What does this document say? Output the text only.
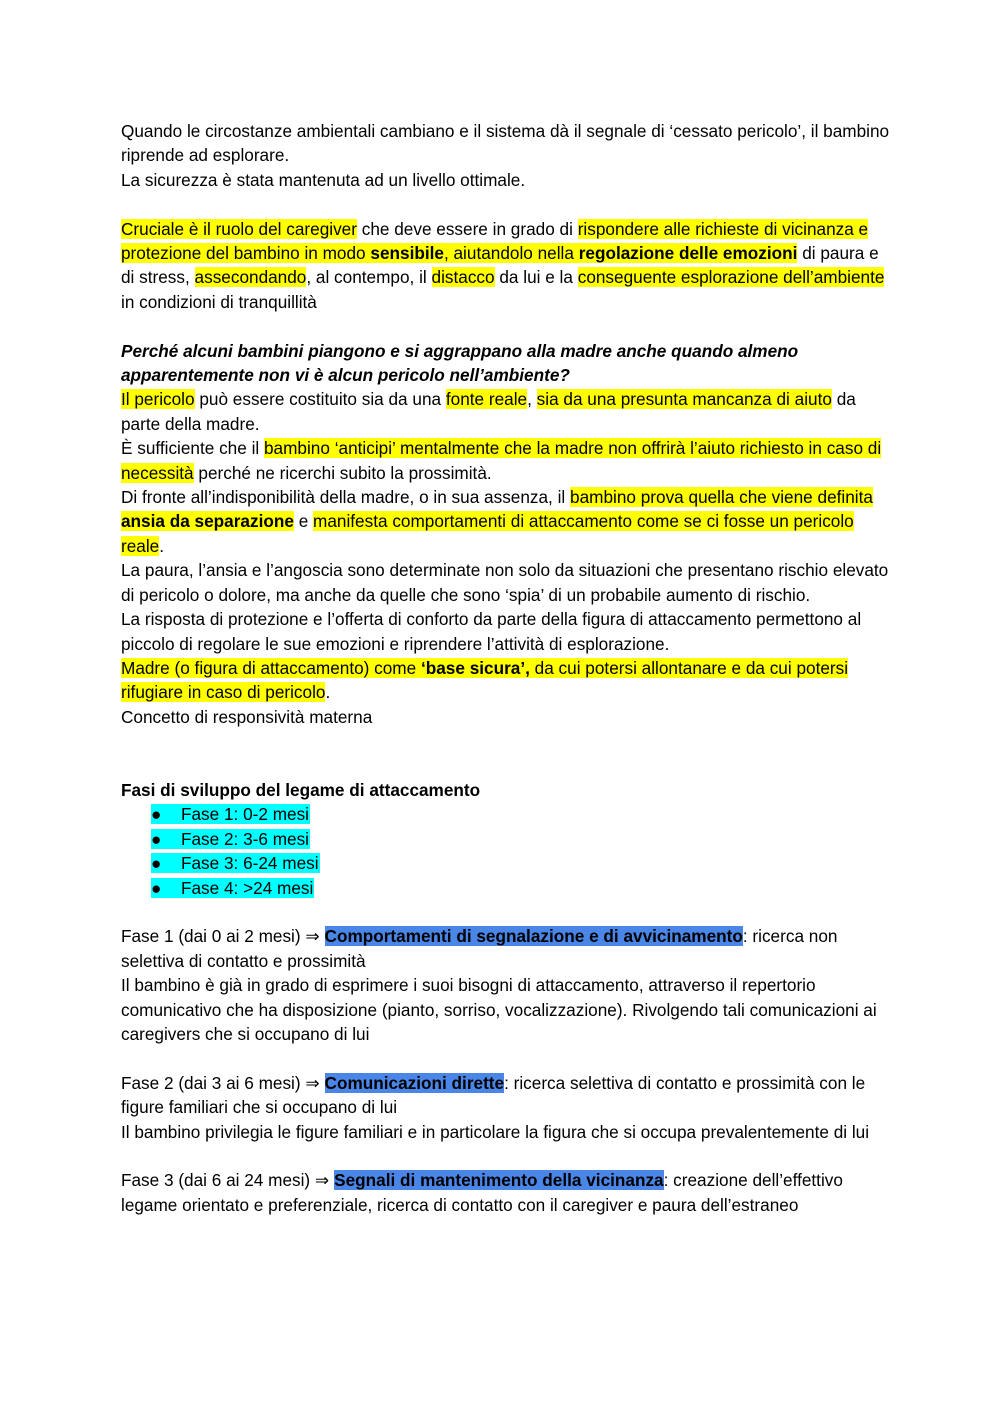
Quando le circostanze ambientali cambiano e il sistema dà il segnale di ‘cessato pericolo’, il bambino riprende ad esplorare.
La sicurezza è stata mantenuta ad un livello ottimale.

Cruciale è il ruolo del caregiver che deve essere in grado di rispondere alle richieste di vicinanza e protezione del bambino in modo sensibile, aiutandolo nella regolazione delle emozioni di paura e di stress, assecondando, al contempo, il distacco da lui e la conseguente esplorazione dell’ambiente in condizioni di tranquillità

Perché alcuni bambini piangono e si aggrappano alla madre anche quando almeno apparentemente non vi è alcun pericolo nell’ambiente?

Il pericolo può essere costituito sia da una fonte reale, sia da una presunta mancanza di aiuto da parte della madre.

È sufficiente che il bambino ‘anticipi’ mentalmente che la madre non offrirà l’aiuto richiesto in caso di necessità perché ne ricerchi subito la prossimità.

Di fronte all’indisponibilità della madre, o in sua assenza, il bambino prova quella che viene definita ansia da separazione e manifesta comportamenti di attaccamento come se ci fosse un pericolo reale.

La paura, l’ansia e l’angoscia sono determinate non solo da situazioni che presentano rischio elevato di pericolo o dolore, ma anche da quelle che sono ‘spia’ di un probabile aumento di rischio.

La risposta di protezione e l’offerta di conforto da parte della figura di attaccamento permettono al piccolo di regolare le sue emozioni e riprendere l’attività di esplorazione.

Madre (o figura di attaccamento) come ‘base sicura’, da cui potersi allontanare e da cui potersi rifugiare in caso di pericolo.

Concetto di responsività materna

Fasi di sviluppo del legame di attaccamento

● Fase 1: 0-2 mesi
● Fase 2: 3-6 mesi
● Fase 3: 6-24 mesi
● Fase 4: >24 mesi

Fase 1 (dai 0 ai 2 mesi) ⇒ Comportamenti di segnalazione e di avvicinamento: ricerca non selettiva di contatto e prossimità

Il bambino è già in grado di esprimere i suoi bisogni di attaccamento, attraverso il repertorio comunicativo che ha disposizione (pianto, sorriso, vocalizzazione). Rivolgendo tali comunicazioni ai caregivers che si occupano di lui

Fase 2 (dai 3 ai 6 mesi) ⇒ Comunicazioni dirette: ricerca selettiva di contatto e prossimità con le figure familiari che si occupano di lui

Il bambino privilegia le figure familiari e in particolare la figura che si occupa prevalentemente di lui

Fase 3 (dai 6 ai 24 mesi) ⇒ Segnali di mantenimento della vicinanza: creazione dell’effettivo legame orientato e preferenziale, ricerca di contatto con il caregiver e paura dell’estraneo
